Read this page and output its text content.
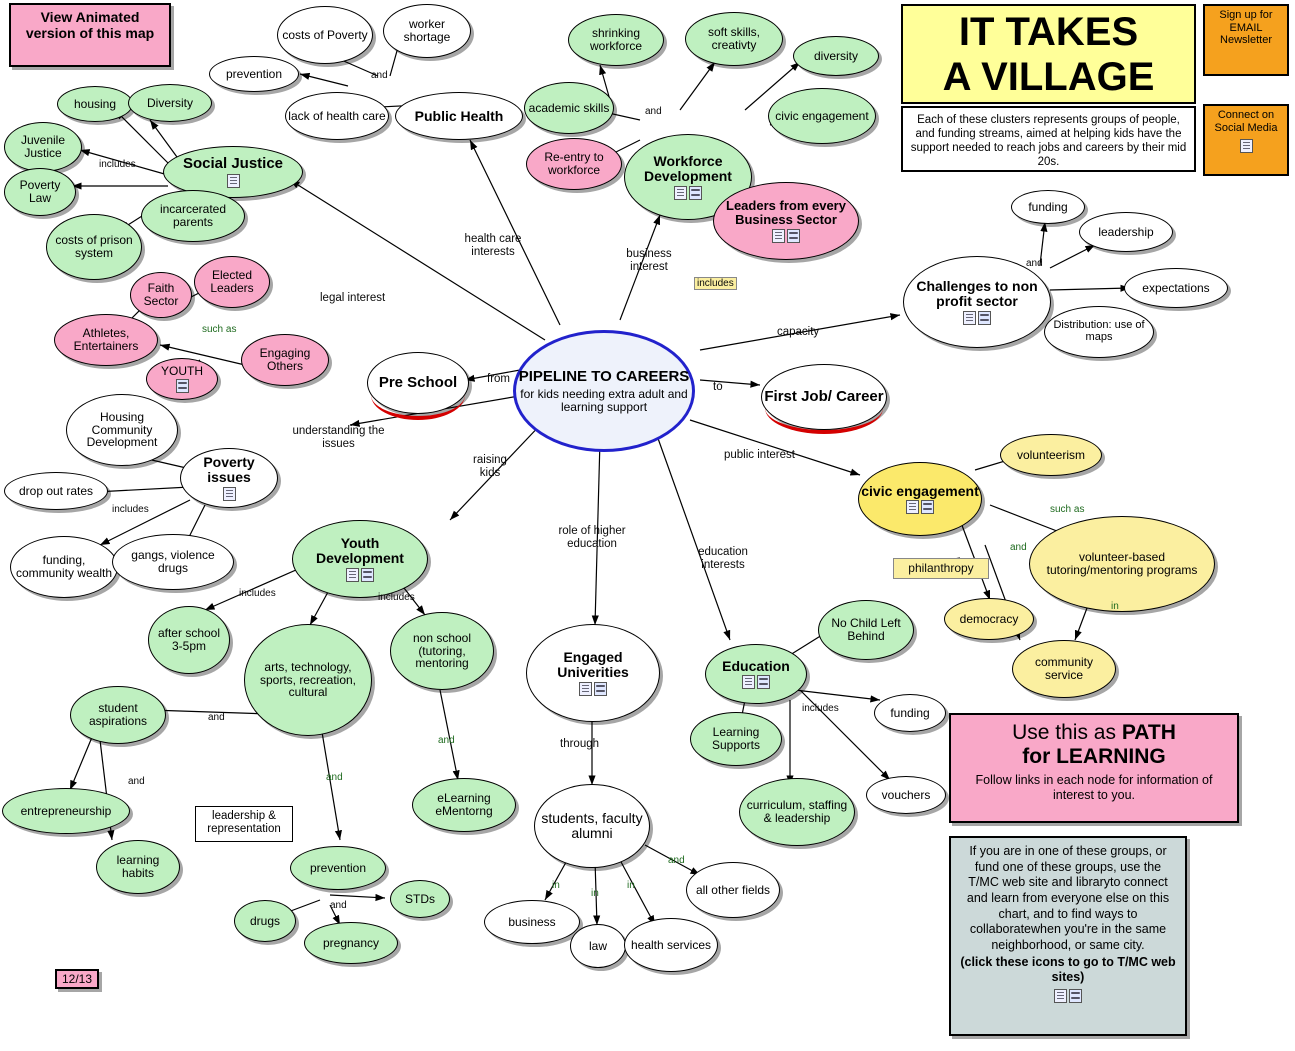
IT TAKES
A VILLAGE
Each of these clusters represents groups of people, and funding streams, aimed at helping kids have the support needed to reach jobs and careers by their mid 20s.
Sign up for EMAIL Newsletter
Connect on Social Media
View Animated version of this map
12/13
Use this as PATH
for LEARNING
Follow links in each node for information of interest to you.
If you are in one of these groups, or fund one of these groups, use the T/MC web site and libraryto connect and learn from everyone else on this chart, and to find ways to collaboratewhen you're in the same neighborhood, or same city.
(click these icons to go to T/MC web sites)
costs of Poverty
worker shortage
prevention
lack of health care	Public Health	academic skills
shrinking workforce
soft skills, creativty
diversity
civic engagement
Re-entry to workforce
Workforce Development
Leaders from every Business Sector
housing	Diversity
Juvenile Justice
Poverty Law
Social Justice
incarcerated parents
costs of prison system
Faith Sector
Elected Leaders
Athletes, Entertainers
YOUTH
Engaging Others
Pre School
First Job/ Career
PIPELINE TO CAREERS
for kids needing extra adult and learning support
Challenges to non profit sector
funding
leadership
expectations
Distribution: use of maps
Housing Community Development
Poverty issues
drop out rates
funding, community wealth
gangs, violence drugs
Youth Development
after school 3-5pm
arts, technology, sports, recreation, cultural
non school (tutoring, mentoring
eLearning eMentorng
student aspirations
entrepreneurship
learning habits
leadership & representation
prevention
drugs
pregnancy
STDs
Engaged Univerities
students, faculty alumni
business
law	health services
all other fields
Education
No Child Left Behind
Learning Supports
curriculum, staffing & leadership
funding
vouchers
civic engagement
volunteerism
volunteer-based tutoring/mentoring programs
democracy
community service
philanthropy
and
and
includes
includes
such as
legal interest
health care interests	business interest
capacity
and
from
to
understanding the issues
raising kids
role of higher education
education interests
public interest
includes
includes	includes
and
and
and
and
and
through
in
in
in
and
includes
such as
and
in
